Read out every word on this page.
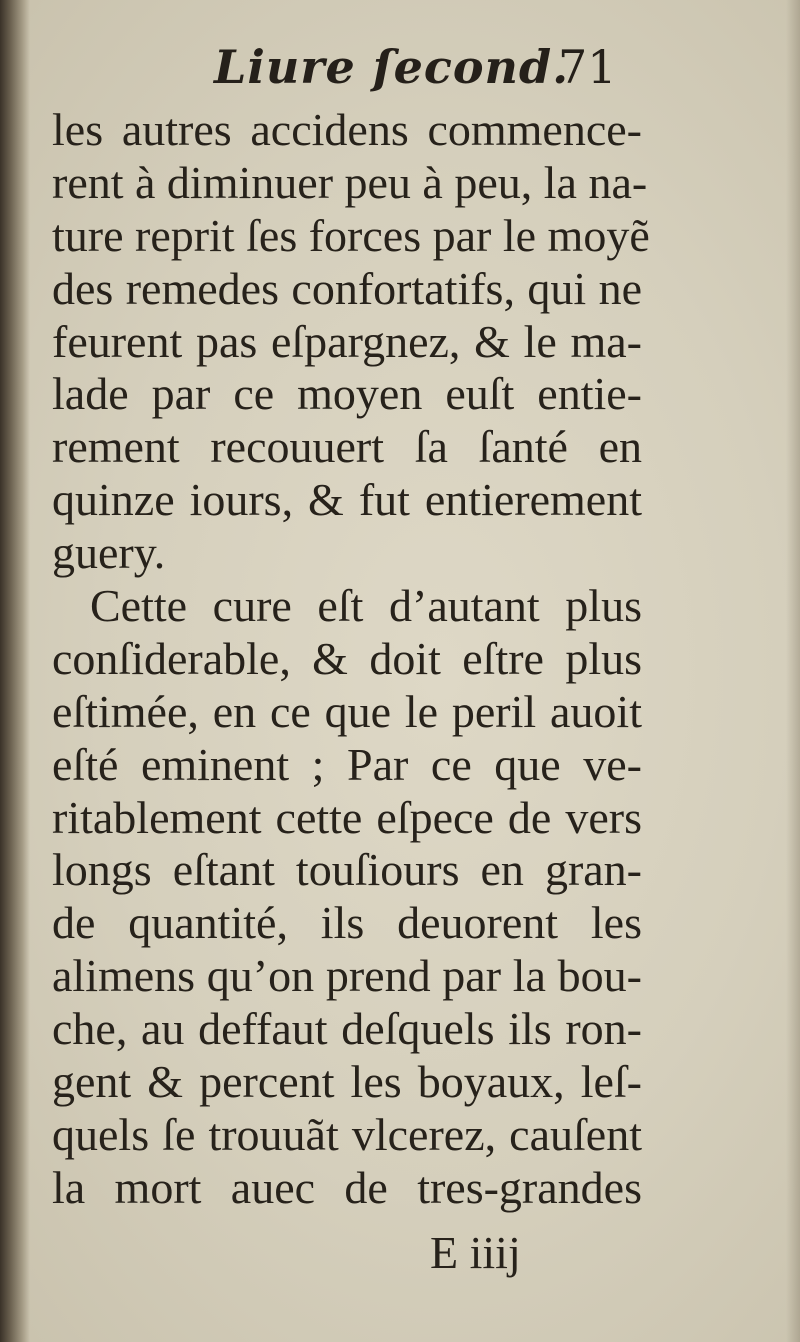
Liure ſecond.
71
les autres accidens commence-
rent à diminuer peu à peu, la na-
ture reprit ſes forces par le moyẽ
des remedes confortatifs, qui ne
feurent pas eſpargnez, & le ma-
lade par ce moyen euſt entie-
rement recouuert ſa ſanté en
quinze iours, & fut entierement
guery.
Cette cure eſt d’autant plus
conſiderable, & doit eſtre plus
eſtimée, en ce que le peril auoit
eſté eminent ; Par ce que ve-
ritablement cette eſpece de vers
longs eſtant touſiours en gran-
de quantité, ils deuorent les
alimens qu’on prend par la bou-
che, au deffaut deſquels ils ron-
gent & percent les boyaux, leſ-
quels ſe trouuãt vlcerez, cauſent
la mort auec de tres-grandes
E iiij
